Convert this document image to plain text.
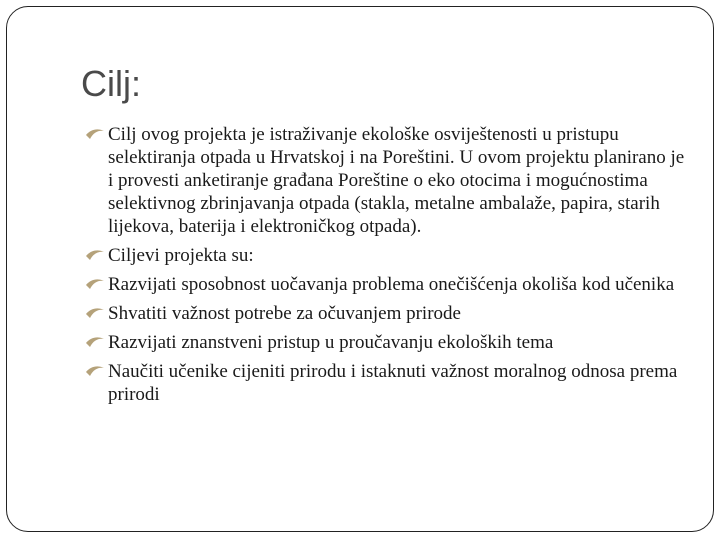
Cilj:
Cilj ovog projekta je istraživanje ekološke osviještenosti u pristupu selektiranja otpada u Hrvatskoj i na Poreštini. U ovom projektu planirano je i provesti anketiranje građana Poreštine o eko otocima i mogućnostima selektivnog zbrinjavanja otpada (stakla, metalne ambalaže, papira, starih lijekova, baterija i elektroničkog otpada).
Ciljevi projekta su:
Razvijati sposobnost uočavanja problema onečišćenja okoliša kod učenika
Shvatiti važnost potrebe za očuvanjem prirode
Razvijati znanstveni pristup u proučavanju ekoloških tema
Naučiti učenike cijeniti prirodu i istaknuti važnost moralnog odnosa prema prirodi
